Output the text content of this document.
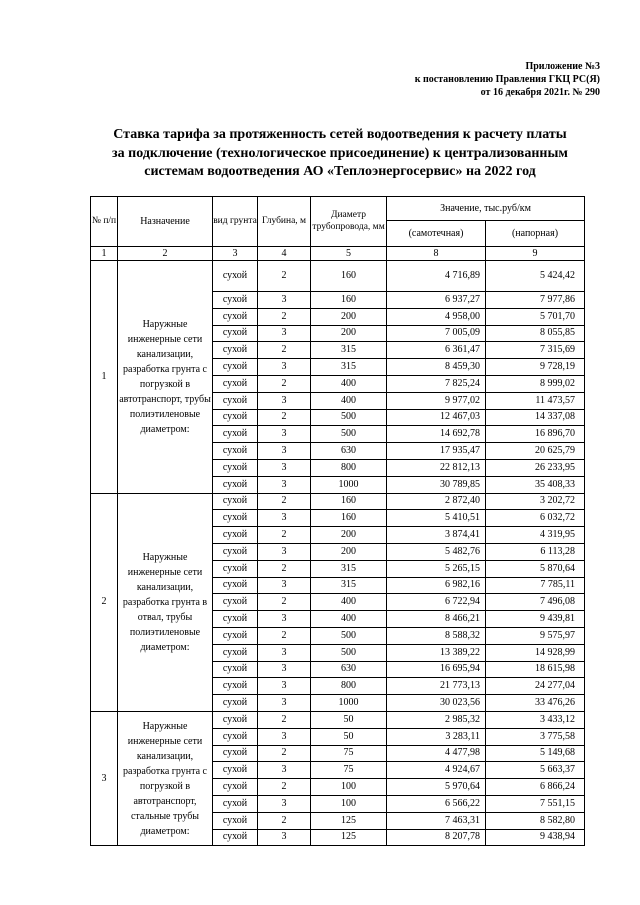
Приложение №3
к постановлению Правления ГКЦ РС(Я)
от 16 декабря 2021г. № 290
Ставка тарифа за протяженность сетей водоотведения к расчету платы
за подключение (технологическое присоединение) к централизованным
системам водоотведения АО «Теплоэнергосервис» на 2022 год
№ п/п	Назначение	вид грунта	Глубина, м	Диаметр трубопровода, мм	Значение, тыс.руб/км	
					(самотечная)	(напорная)
1	2	3	4	5	8	9
1	Наружные инженерные сети канализации, разработка грунта с погрузкой в автотранспорт, трубы полиэтиленовые диаметром:	сухой	2	160	4 716,89	5 424,42
		сухой	3	160	6 937,27	7 977,86
		сухой	2	200	4 958,00	5 701,70
		сухой	3	200	7 005,09	8 055,85
		сухой	2	315	6 361,47	7 315,69
		сухой	3	315	8 459,30	9 728,19
		сухой	2	400	7 825,24	8 999,02
		сухой	3	400	9 977,02	11 473,57
		сухой	2	500	12 467,03	14 337,08
		сухой	3	500	14 692,78	16 896,70
		сухой	3	630	17 935,47	20 625,79
		сухой	3	800	22 812,13	26 233,95
		сухой	3	1000	30 789,85	35 408,33
2	Наружные инженерные сети канализации, разработка грунта в отвал, трубы полиэтиленовые диаметром:	сухой	2	160	2 872,40	3 202,72
		сухой	3	160	5 410,51	6 032,72
		сухой	2	200	3 874,41	4 319,95
		сухой	3	200	5 482,76	6 113,28
		сухой	2	315	5 265,15	5 870,64
		сухой	3	315	6 982,16	7 785,11
		сухой	2	400	6 722,94	7 496,08
		сухой	3	400	8 466,21	9 439,81
		сухой	2	500	8 588,32	9 575,97
		сухой	3	500	13 389,22	14 928,99
		сухой	3	630	16 695,94	18 615,98
		сухой	3	800	21 773,13	24 277,04
		сухой	3	1000	30 023,56	33 476,26
3	Наружные инженерные сети канализации, разработка грунта с погрузкой в автотранспорт, стальные трубы диаметром:	сухой	2	50	2 985,32	3 433,12
		сухой	3	50	3 283,11	3 775,58
		сухой	2	75	4 477,98	5 149,68
		сухой	3	75	4 924,67	5 663,37
		сухой	2	100	5 970,64	6 866,24
		сухой	3	100	6 566,22	7 551,15
		сухой	2	125	7 463,31	8 582,80
		сухой	3	125	8 207,78	9 438,94
